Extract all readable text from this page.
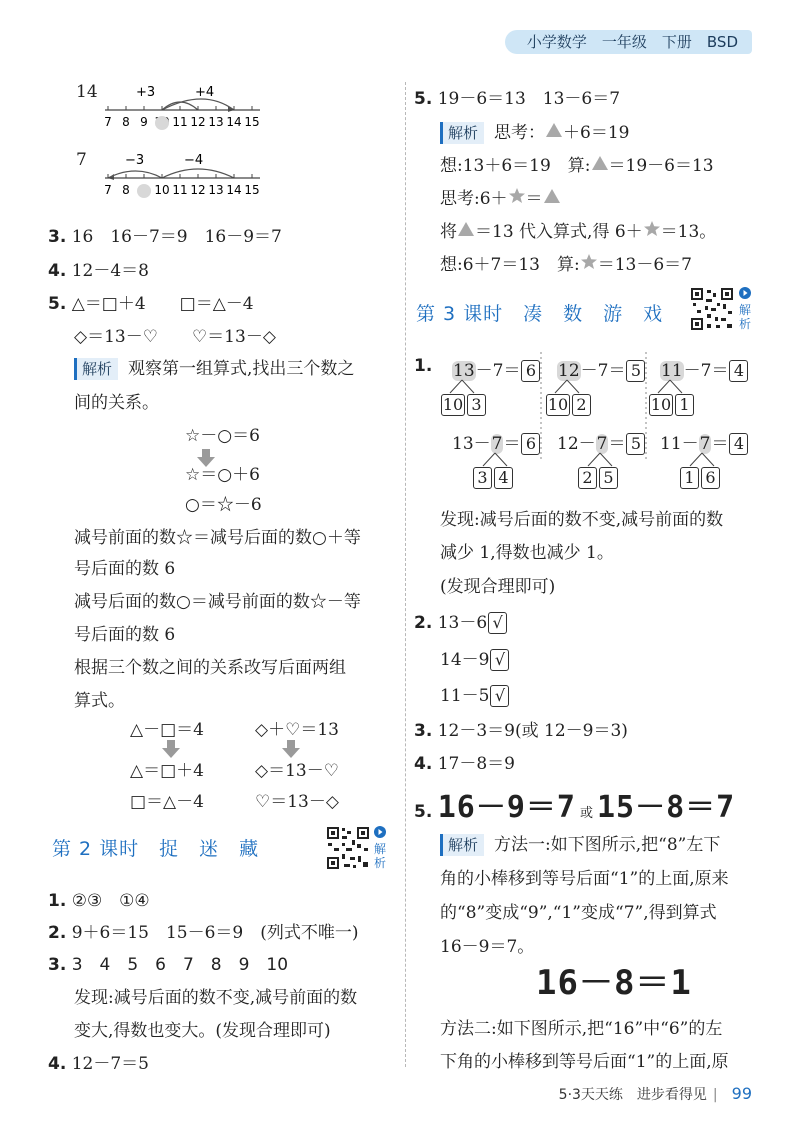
小学数学　一年级　下册　BSD
14	+3	+4
7 8 9 11 12 13 14 15
7	−3	−4
7 8 10 11 12 13 14 15
3. 16　16－7＝9　16－9＝7
4. 12－4＝8
5. △＝□＋4　　□＝△－4
◇＝13－♡　　♡＝13－◇
解析 观察第一组算式,找出三个数之
间的关系。
☆－○＝6
☆＝○＋6
○＝☆－6
减号前面的数☆＝减号后面的数○＋等
号后面的数 6
减号后面的数○＝减号前面的数☆－等
号后面的数 6
根据三个数之间的关系改写后面两组
算式。
△－□＝4
△＝□＋4
□＝△－4
◇＋♡＝13
◇＝13－♡
♡＝13－◇
第 2 课时　捉　迷　藏	解析
1. ②③　①④
2. 9＋6＝15　15－6＝9　(列式不唯一)
3. 3　4　5　6　7　8　9　10
发现:减号后面的数不变,减号前面的数
变大,得数也变大。(发现合理即可)
4. 12－7＝5
5. 19－6＝13　13－6＝7
解析 思考： ＋6＝19
想:13＋6＝19　算: ＝19－6＝13
思考:6＋ ＝
将 ＝13 代入算式,得 6＋ ＝13。
想:6＋7＝13　算: ＝13－6＝7
第 3 课时　凑　数　游　戏	解析
1. 13－7＝ 6	12－7＝ 5	11－7＝ 4
10 3	10 2	10 1
13－7＝ 6	12－7＝ 5	11－7＝ 4
3 4	2 5	1 6
发现:减号后面的数不变,减号前面的数
减少 1,得数也减少 1。
(发现合理即可)
2. 13－6 √
14－9 √
11－5 √
3. 12－3＝9(或 12－9＝3)
4. 17－8＝9
5. 16－9＝7 或 15－8＝7
解析 方法一:如下图所示,把“8”左下
角的小棒移到等号后面“1”的上面,原来
的“8”变成“9”,“1”变成“7”,得到算式
16－9＝7。
16－8＝1
方法二:如下图所示,把“16”中“6”的左
下角的小棒移到等号后面“1”的上面,原
5·3天天练　进步看得见 | 99
